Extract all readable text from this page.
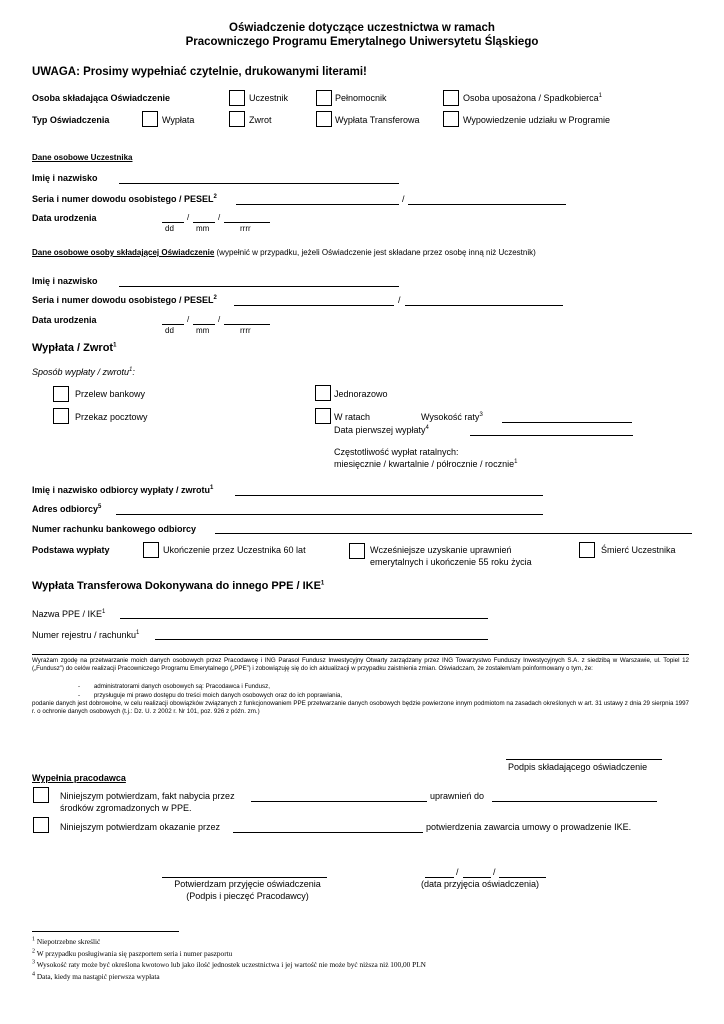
Oświadczenie dotyczące uczestnictwa w ramach
Pracowniczego Programu Emerytalnego Uniwersytetu Śląskiego
UWAGA: Prosimy wypełniać czytelnie, drukowanymi literami!
Osoba składająca Oświadczenie	Uczestnik	Pełnomocnik	Osoba uposażona / Spadkobierca$^1$
Typ Oświadczenia	Wypłata	Zwrot	Wypłata Transferowa	Wypowiedzenie udziału w Programie
Dane osobowe Uczestnika
Imię i nazwisko
Seria i numer dowodu osobistego / PESEL$^2$	/
Data urodzenia	/	/
dd	mm	rrrr
Dane osobowe osoby składającej Oświadczenie (wypełnić w przypadku, jeżeli Oświadczenie jest składane przez osobę inną niż Uczestnik)
Imię i nazwisko
Seria i numer dowodu osobistego / PESEL$^2$	/
Data urodzenia	/	/
dd	mm	rrrr
Wypłata / Zwrot$^1$
Sposób wypłaty / zwrotu$^1$:
Przelew bankowy
Przekaz pocztowy
Jednorazowo
W ratach	Wysokość raty$^3$
Data pierwszej wypłaty$^4$
Częstotliwość wypłat ratalnych:
miesięcznie / kwartalnie / półrocznie / rocznie$^1$
Imię i nazwisko odbiorcy wypłaty / zwrotu$^1$
Adres odbiorcy$^5$
Numer rachunku bankowego odbiorcy
Podstawa wypłaty	Ukończenie przez Uczestnika 60 lat	Wcześniejsze uzyskanie uprawnień
emerytalnych i ukończenie 55 roku życia
Śmierć Uczestnika
Wypłata Transferowa Dokonywana do innego PPE / IKE$^1$
Nazwa PPE / IKE$^1$
Numer rejestru / rachunku$^1$
Wyrażam zgodę na przetwarzanie moich danych osobowych przez Pracodawcę i ING Parasol Fundusz Inwestycyjny Otwarty zarządzany przez ING Towarzystwo Funduszy Inwestycyjnych S.A. z siedzibą w Warszawie, ul. Topiel 12 („Fundusz”) do celów realizacji Pracowniczego Programu Emerytalnego („PPE”) i zobowiązuję się do ich aktualizacji w przypadku zaistnienia zmian. Oświadczam, że zostałem/am poinformowany o tym, że:
-        administratorami danych osobowych są: Pracodawca i Fundusz,
-        przysługuje mi prawo dostępu do treści moich danych osobowych oraz do ich poprawiania,
podanie danych jest dobrowolne, w celu realizacji obowiązków związanych z funkcjonowaniem PPE przetwarzanie danych osobowych będzie powierzone innym podmiotom na zasadach określonych w art. 31 ustawy z dnia 29 sierpnia 1997 r. o ochronie danych osobowych (t.j.: Dz. U. z 2002 r. Nr 101, poz. 926 z późn. zm.)
Podpis składającego oświadczenie
Wypełnia pracodawca
Niniejszym potwierdzam, fakt nabycia przez	uprawnień do
środków zgromadzonych w PPE.
Niniejszym potwierdzam okazanie przez	potwierdzenia zawarcia umowy o prowadzenie IKE.
Potwierdzam przyjęcie oświadczenia
(Podpis i pieczęć Pracodawcy)
/	/
(data przyjęcia oświadczenia)
$^1$ Niepotrzebne skreślić
$^2$ W przypadku posługiwania się paszportem seria i numer paszportu
$^3$ Wysokość raty może być określona kwotowo lub jako ilość jednostek uczestnictwa i jej wartość nie może być niższa niż 100,00 PLN
$^4$ Data, kiedy ma nastąpić pierwsza wypłata
